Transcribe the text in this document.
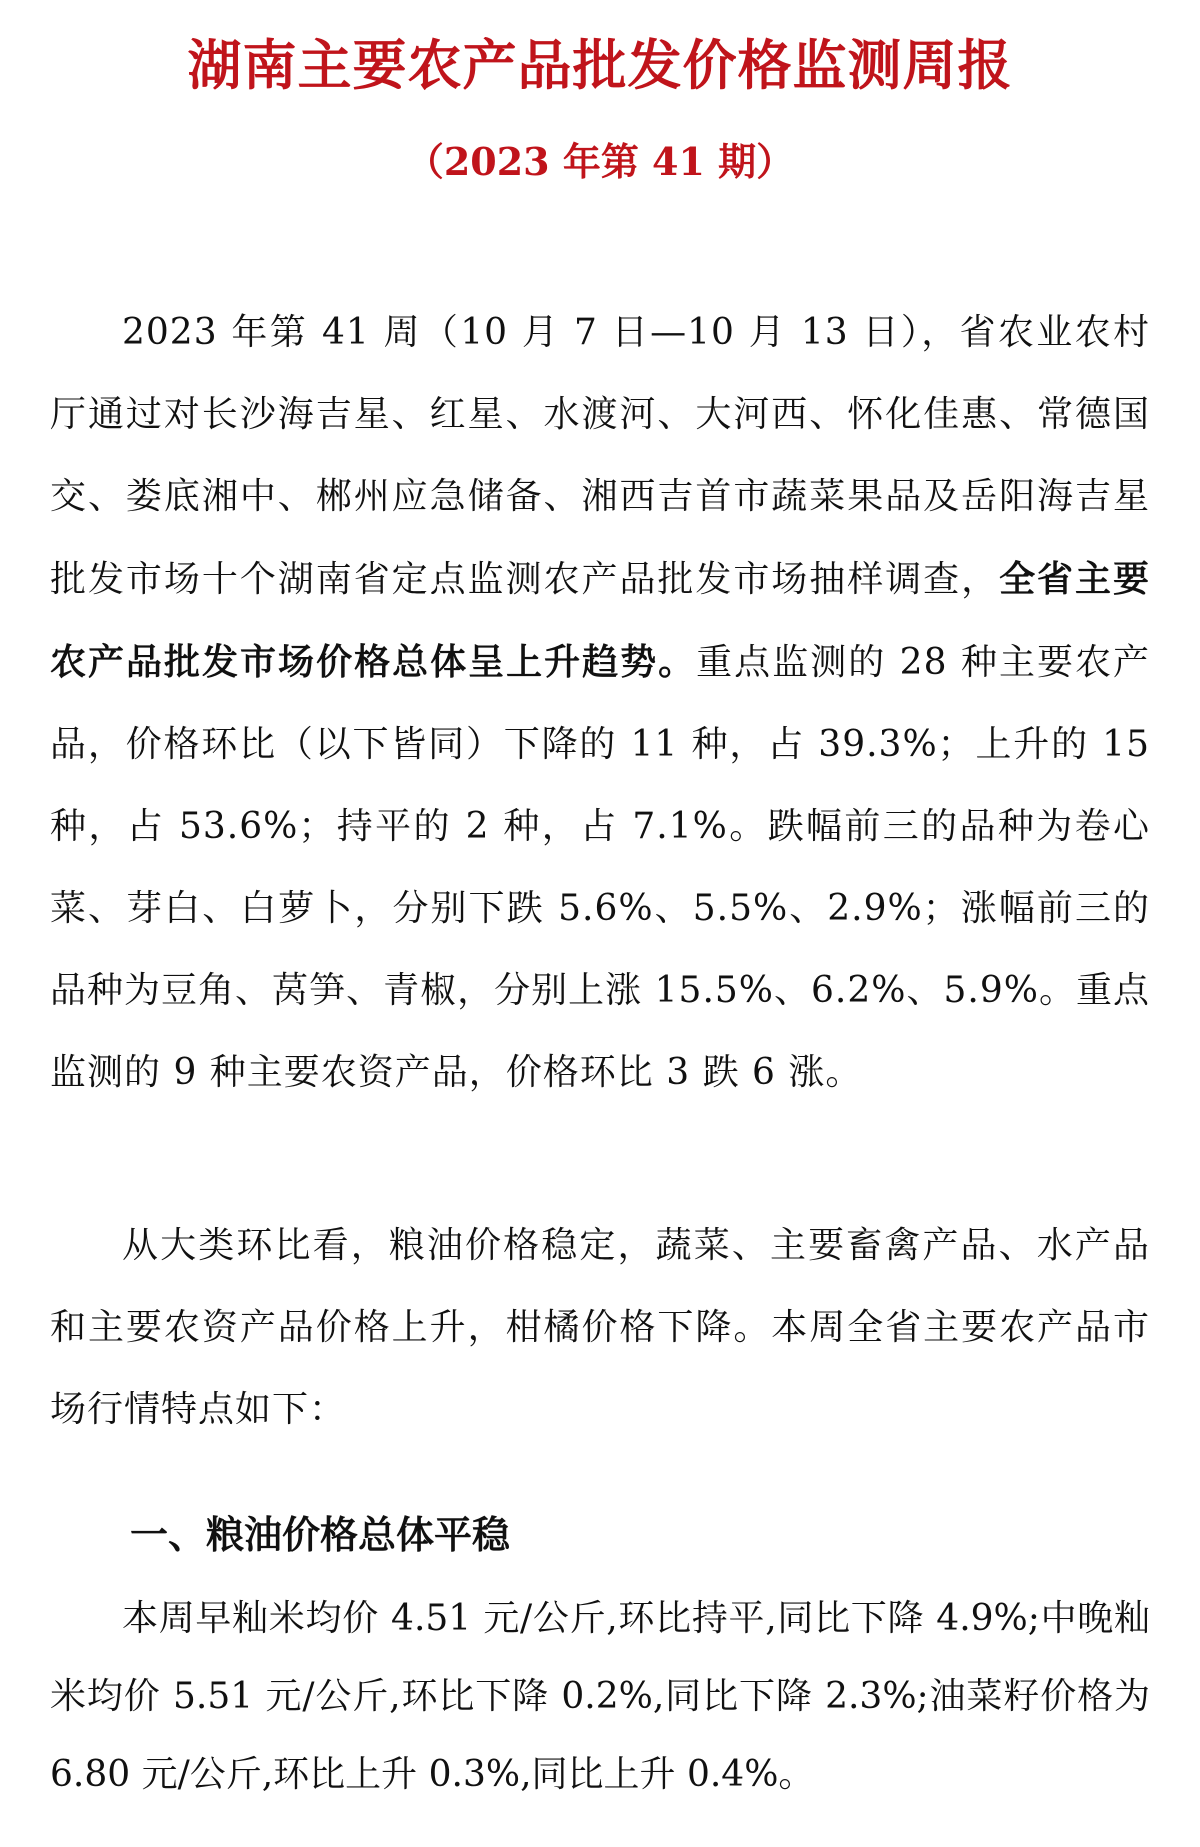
湖南主要农产品批发价格监测周报
（2023 年第 41 期）

2023 年第 41 周（10 月 7 日—10 月 13 日），省农业农村厅通过对长沙海吉星、红星、水渡河、大河西、怀化佳惠、常德国交、娄底湘中、郴州应急储备、湘西吉首市蔬菜果品及岳阳海吉星批发市场十个湖南省定点监测农产品批发市场抽样调查，全省主要农产品批发市场价格总体呈上升趋势。重点监测的 28 种主要农产品，价格环比（以下皆同）下降的 11 种，占 39.3%；上升的 15 种，占 53.6%；持平的 2 种，占 7.1%。跌幅前三的品种为卷心菜、芽白、白萝卜，分别下跌 5.6%、5.5%、2.9%；涨幅前三的品种为豆角、莴笋、青椒，分别上涨 15.5%、6.2%、5.9%。重点监测的 9 种主要农资产品，价格环比 3 跌 6 涨。

从大类环比看，粮油价格稳定，蔬菜、主要畜禽产品、水产品和主要农资产品价格上升，柑橘价格下降。本周全省主要农产品市场行情特点如下：

一、粮油价格总体平稳

本周早籼米均价 4.51 元/公斤,环比持平,同比下降 4.9%;中晚籼米均价 5.51 元/公斤,环比下降 0.2%,同比下降 2.3%;油菜籽价格为 6.80 元/公斤,环比上升 0.3%,同比上升 0.4%。
